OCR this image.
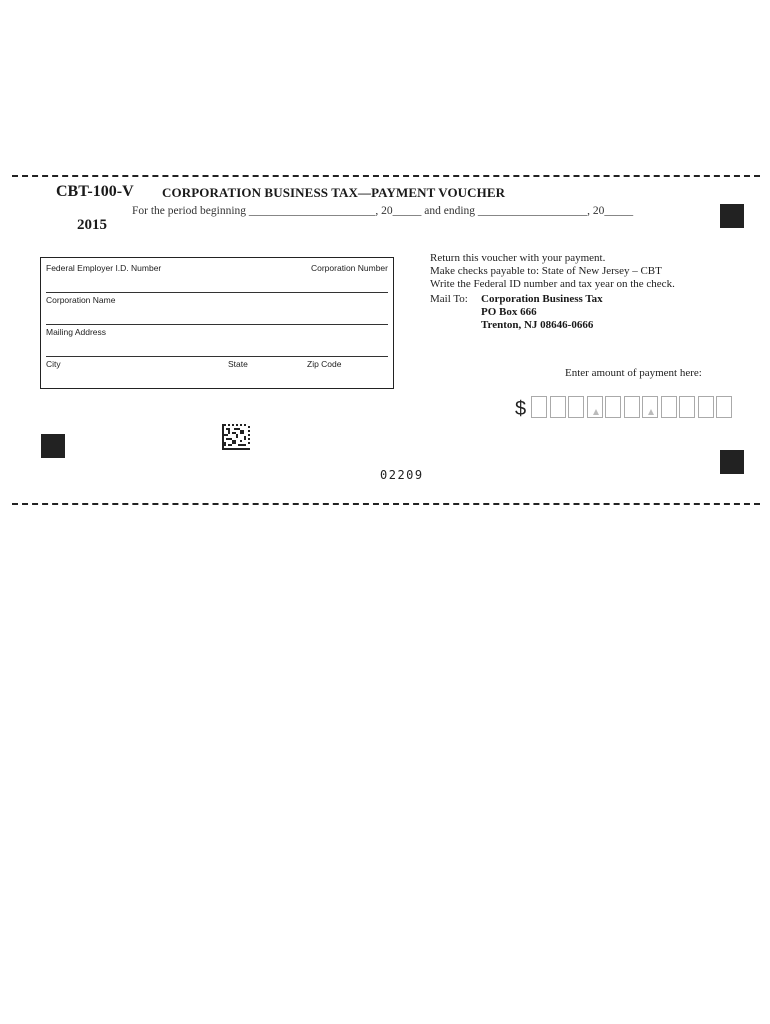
CBT-100-V
2015
CORPORATION BUSINESS TAX—PAYMENT VOUCHER
For the period beginning ______________________, 20_____ and ending ___________________, 20_____
Federal Employer I.D. Number	Corporation Number
Corporation Name
Mailing Address
City	State	Zip Code
Return this voucher with your payment.
Make checks payable to: State of New Jersey – CBT
Write the Federal ID number and tax year on the check.
Mail To: Corporation Business Tax
PO Box 666
Trenton, NJ 08646-0666
Enter amount of payment here:
$
02209
